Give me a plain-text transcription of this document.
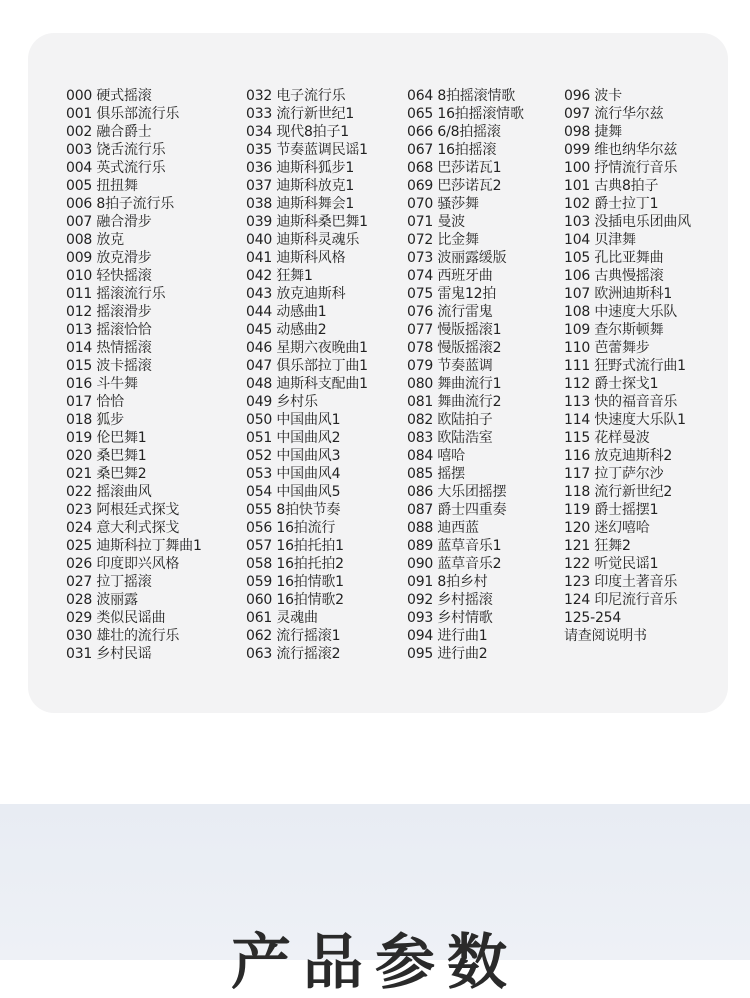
000 硬式摇滚
001 俱乐部流行乐
002 融合爵士
003 饶舌流行乐
004 英式流行乐
005 扭扭舞
006 8拍子流行乐
007 融合滑步
008 放克
009 放克滑步
010 轻快摇滚
011 摇滚流行乐
012 摇滚滑步
013 摇滚恰恰
014 热情摇滚
015 波卡摇滚
016 斗牛舞
017 恰恰
018 狐步
019 伦巴舞1
020 桑巴舞1
021 桑巴舞2
022 摇滚曲风
023 阿根廷式探戈
024 意大利式探戈
025 迪斯科拉丁舞曲1
026 印度即兴风格
027 拉丁摇滚
028 波丽露
029 类似民谣曲
030 雄壮的流行乐
031 乡村民谣
032 电子流行乐
033 流行新世纪1
034 现代8拍子1
035 节奏蓝调民谣1
036 迪斯科狐步1
037 迪斯科放克1
038 迪斯科舞会1
039 迪斯科桑巴舞1
040 迪斯科灵魂乐
041 迪斯科风格
042 狂舞1
043 放克迪斯科
044 动感曲1
045 动感曲2
046 星期六夜晚曲1
047 俱乐部拉丁曲1
048 迪斯科支配曲1
049 乡村乐
050 中国曲风1
051 中国曲风2
052 中国曲风3
053 中国曲风4
054 中国曲风5
055 8拍快节奏
056 16拍流行
057 16拍托拍1
058 16拍托拍2
059 16拍情歌1
060 16拍情歌2
061 灵魂曲
062 流行摇滚1
063 流行摇滚2
064 8拍摇滚情歌
065 16拍摇滚情歌
066 6/8拍摇滚
067 16拍摇滚
068 巴莎诺瓦1
069 巴莎诺瓦2
070 骚莎舞
071 曼波
072 比金舞
073 波丽露缓版
074 西班牙曲
075 雷鬼12拍
076 流行雷鬼
077 慢版摇滚1
078 慢版摇滚2
079 节奏蓝调
080 舞曲流行1
081 舞曲流行2
082 欧陆拍子
083 欧陆浩室
084 嘻哈
085 摇摆
086 大乐团摇摆
087 爵士四重奏
088 迪西蓝
089 蓝草音乐1
090 蓝草音乐2
091 8拍乡村
092 乡村摇滚
093 乡村情歌
094 进行曲1
095 进行曲2
096 波卡
097 流行华尔兹
098 捷舞
099 维也纳华尔兹
100 抒情流行音乐
101 古典8拍子
102 爵士拉丁1
103 没插电乐团曲风
104 贝津舞
105 孔比亚舞曲
106 古典慢摇滚
107 欧洲迪斯科1
108 中速度大乐队
109 查尔斯顿舞
110 芭蕾舞步
111 狂野式流行曲1
112 爵士探戈1
113 快的福音音乐
114 快速度大乐队1
115 花样曼波
116 放克迪斯科2
117 拉丁萨尔沙
118 流行新世纪2
119 爵士摇摆1
120 迷幻嘻哈
121 狂舞2
122 听觉民谣1
123 印度土著音乐
124 印尼流行音乐
125-254
请查阅说明书
产品参数
